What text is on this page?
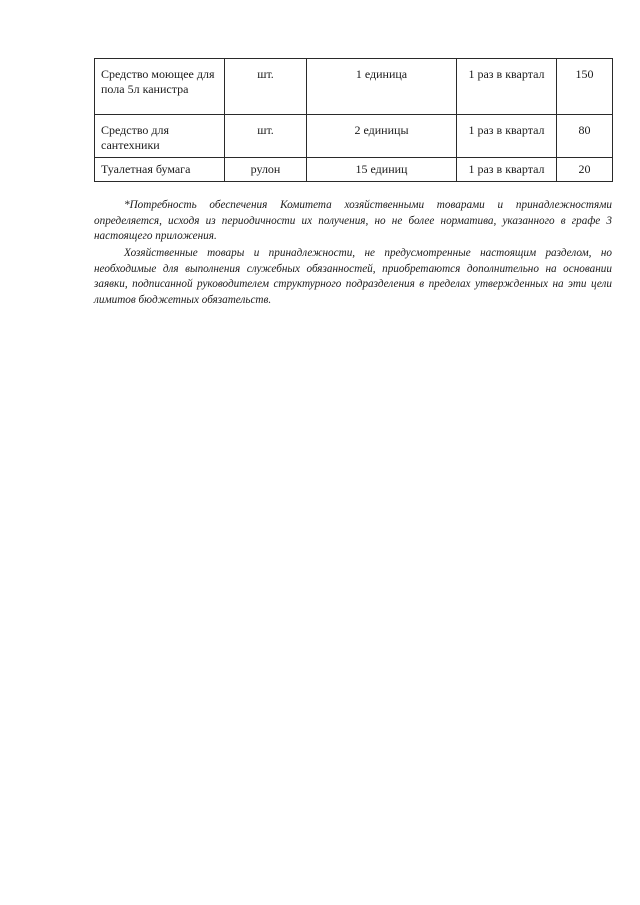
Средство моющее для пола 5л канистра	шт.	1 единица	1 раз в квартал	150
Средство для сантехники	шт.	2 единицы	1 раз в квартал	80
Туалетная бумага	рулон	15 единиц	1 раз в квартал	20

*Потребность обеспечения Комитета хозяйственными товарами и принадлежностями определяется, исходя из периодичности их получения, но не более норматива, указанного в графе 3 настоящего приложения.

Хозяйственные товары и принадлежности, не предусмотренные настоящим разделом, но необходимые для выполнения служебных обязанностей, приобретаются дополнительно на основании заявки, подписанной руководителем структурного подразделения в пределах утвержденных на эти цели лимитов бюджетных обязательств.
